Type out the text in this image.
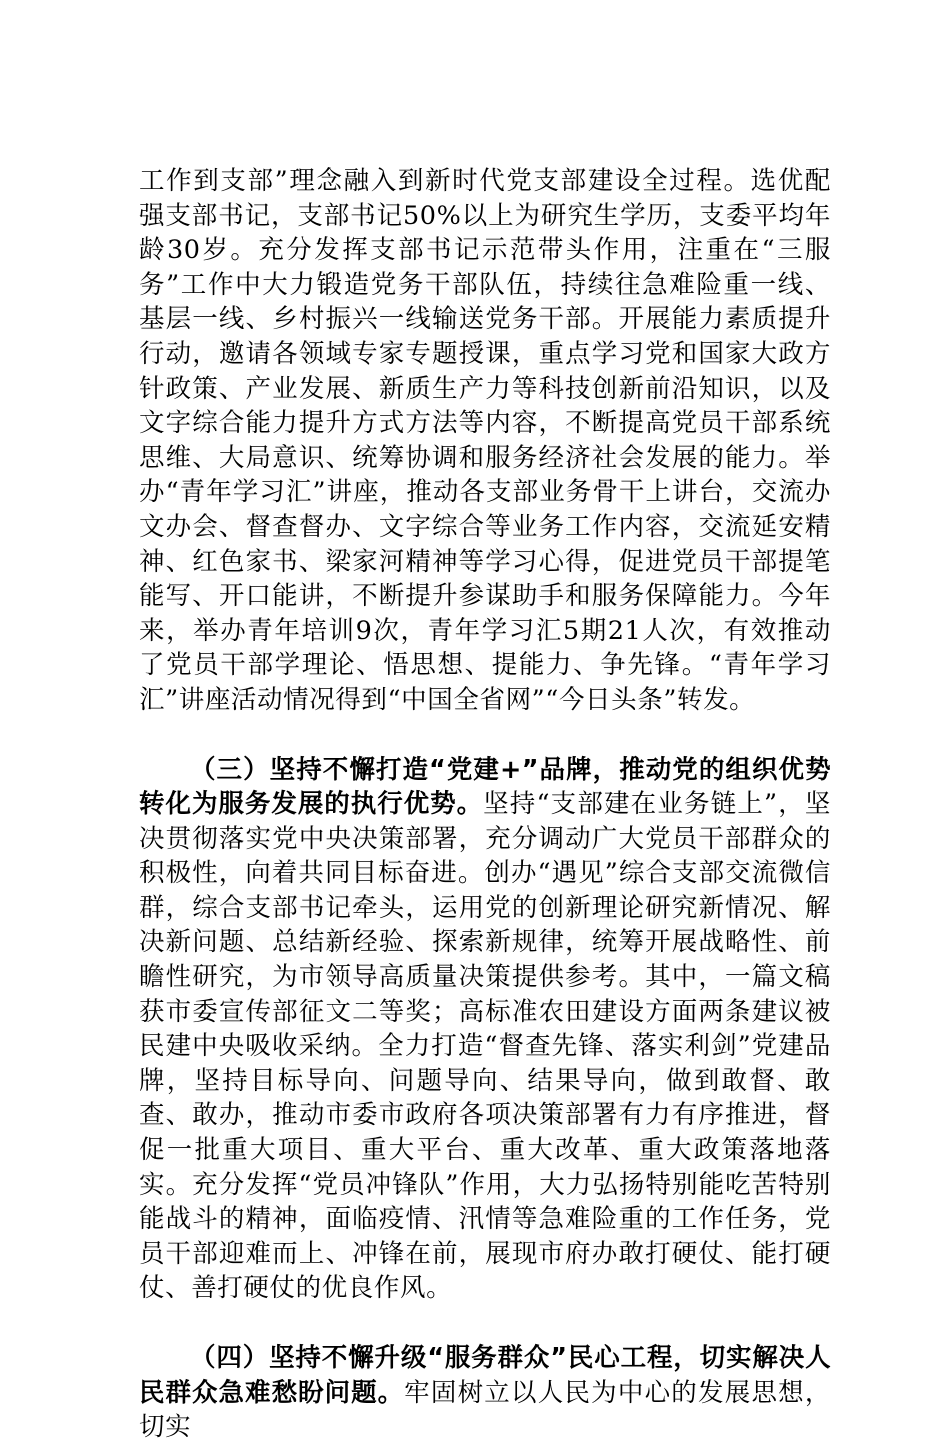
工作到支部”理念融入到新时代党支部建设全过程。选优配强支部书记，支部书记50%以上为研究生学历，支委平均年龄30岁。充分发挥支部书记示范带头作用，注重在“三服务”工作中大力锻造党务干部队伍，持续往急难险重一线、基层一线、乡村振兴一线输送党务干部。开展能力素质提升行动，邀请各领域专家专题授课，重点学习党和国家大政方针政策、产业发展、新质生产力等科技创新前沿知识，以及文字综合能力提升方式方法等内容，不断提高党员干部系统思维、大局意识、统筹协调和服务经济社会发展的能力。举办“青年学习汇”讲座，推动各支部业务骨干上讲台，交流办文办会、督查督办、文字综合等业务工作内容，交流延安精神、红色家书、梁家河精神等学习心得，促进党员干部提笔能写、开口能讲，不断提升参谋助手和服务保障能力。今年来，举办青年培训9次，青年学习汇5期21人次，有效推动了党员干部学理论、悟思想、提能力、争先锋。“青年学习汇”讲座活动情况得到“中国全省网”“今日头条”转发。

（三）坚持不懈打造“党建+”品牌，推动党的组织优势转化为服务发展的执行优势。坚持“支部建在业务链上”，坚决贯彻落实党中央决策部署，充分调动广大党员干部群众的积极性，向着共同目标奋进。创办“遇见”综合支部交流微信群，综合支部书记牵头，运用党的创新理论研究新情况、解决新问题、总结新经验、探索新规律，统筹开展战略性、前瞻性研究，为市领导高质量决策提供参考。其中，一篇文稿获市委宣传部征文二等奖；高标准农田建设方面两条建议被民建中央吸收采纳。全力打造“督查先锋、落实利剑”党建品牌，坚持目标导向、问题导向、结果导向，做到敢督、敢查、敢办，推动市委市政府各项决策部署有力有序推进，督促一批重大项目、重大平台、重大改革、重大政策落地落实。充分发挥“党员冲锋队”作用，大力弘扬特别能吃苦特别能战斗的精神，面临疫情、汛情等急难险重的工作任务，党员干部迎难而上、冲锋在前，展现市府办敢打硬仗、能打硬仗、善打硬仗的优良作风。

（四）坚持不懈升级“服务群众”民心工程，切实解决人民群众急难愁盼问题。牢固树立以人民为中心的发展思想，切实
